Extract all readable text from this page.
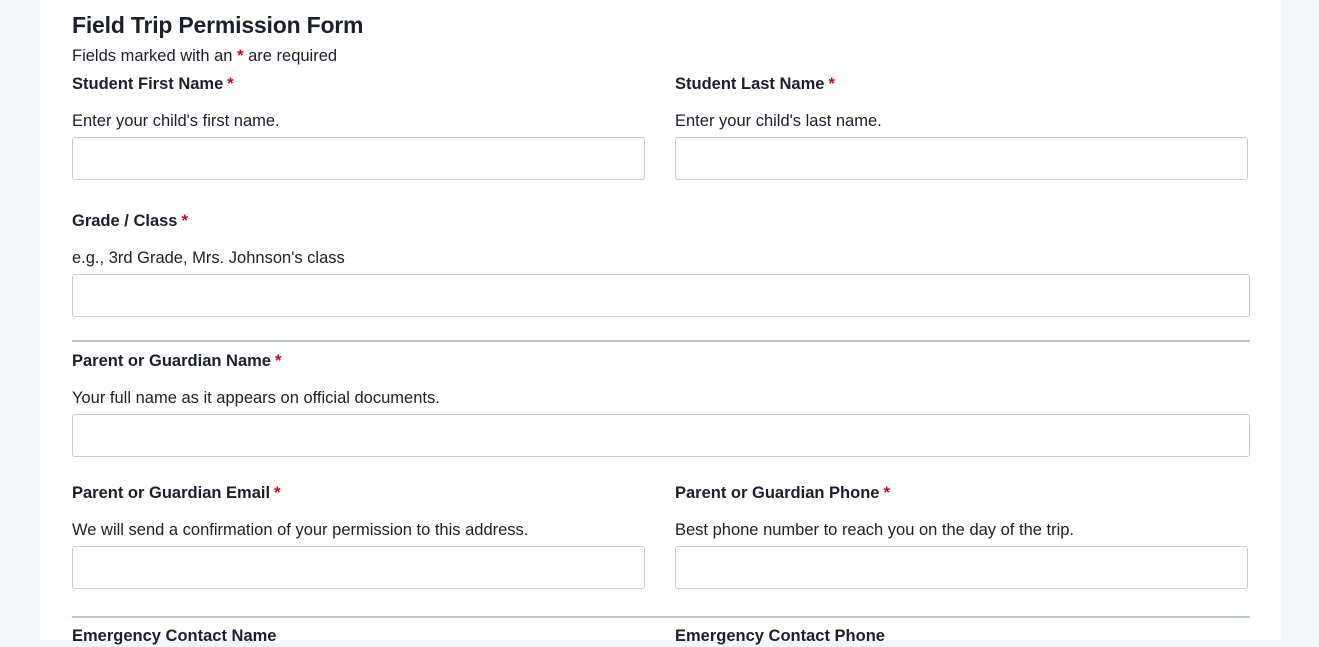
Field Trip Permission Form

Fields marked with an * are required

Student First Name *
Enter your child's first name.
Student Last Name *
Enter your child's last name.
Grade / Class *
e.g., 3rd Grade, Mrs. Johnson's class
Parent or Guardian Name *
Your full name as it appears on official documents.
Parent or Guardian Email *
We will send a confirmation of your permission to this address.
Parent or Guardian Phone *
Best phone number to reach you on the day of the trip.
Emergency Contact Name	Emergency Contact Phone
